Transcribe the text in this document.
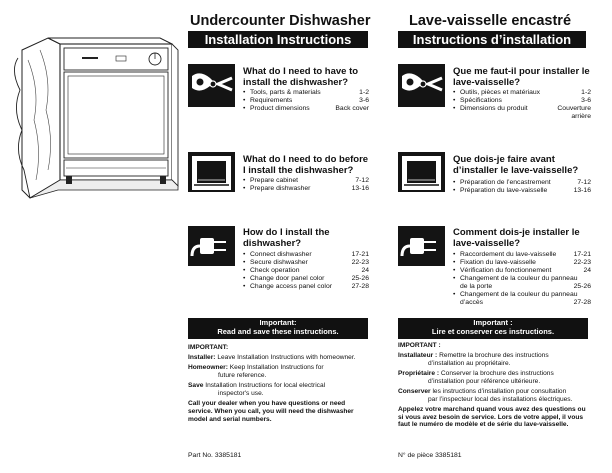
Undercounter Dishwasher
Installation Instructions
What do I need to have to
install the dishwasher?
• Tools, parts & materials	1-2
• Requirements	3-6
• Product dimensions	Back cover
What do I need to do before
I install the dishwasher?
• Prepare cabinet	7-12
• Prepare dishwasher	13-16
How do I install the
dishwasher?
• Connect dishwasher	17-21
• Secure dishwasher	22-23
• Check operation	24
• Change door panel color	25-26
• Change access panel color	27-28
Important:
Read and save these instructions.
IMPORTANT:
Installer: Leave Installation Instructions with homeowner.
Homeowner: Keep Installation Instructions for
future reference.
Save Installation Instructions for local electrical
inspector's use.
Call your dealer when you have questions or need service. When you call, you will need the dishwasher model and serial numbers.
Part No. 3385181
Lave-vaisselle encastré
Instructions d’installation
Que me faut-il pour installer le
lave-vaisselle?
• Outils, pièces et matériaux	1-2
• Spécifications	3-6
• Dimensions du produit	Couverture
arrière
Que dois-je faire avant
d’installer le lave-vaisselle?
• Préparation de l’encastrement	7-12
• Préparation du lave-vaisselle	13-16
Comment dois-je installer le
lave-vaisselle?
• Raccordement du lave-vaisselle	17-21
• Fixation du lave-vaisselle	22-23
• Vérification du fonctionnement	24
• Changement de la couleur du panneau
de la porte	25-26
• Changement de la couleur du panneau
d’accès	27-28
Important :
Lire et conserver ces instructions.
IMPORTANT :
Installateur : Remettre la brochure des instructions
d’installation au propriétaire.
Propriétaire : Conserver la brochure des instructions
d’installation pour référence ultérieure.
Conserver les instructions d’installation pour consultation
par l’inspecteur local des installations électriques.
Appelez votre marchand quand vous avez des questions ou si vous avez besoin de service. Lors de votre appel, il vous faut le numéro de modèle et de série du lave-vaisselle.
N° de pièce 3385181
